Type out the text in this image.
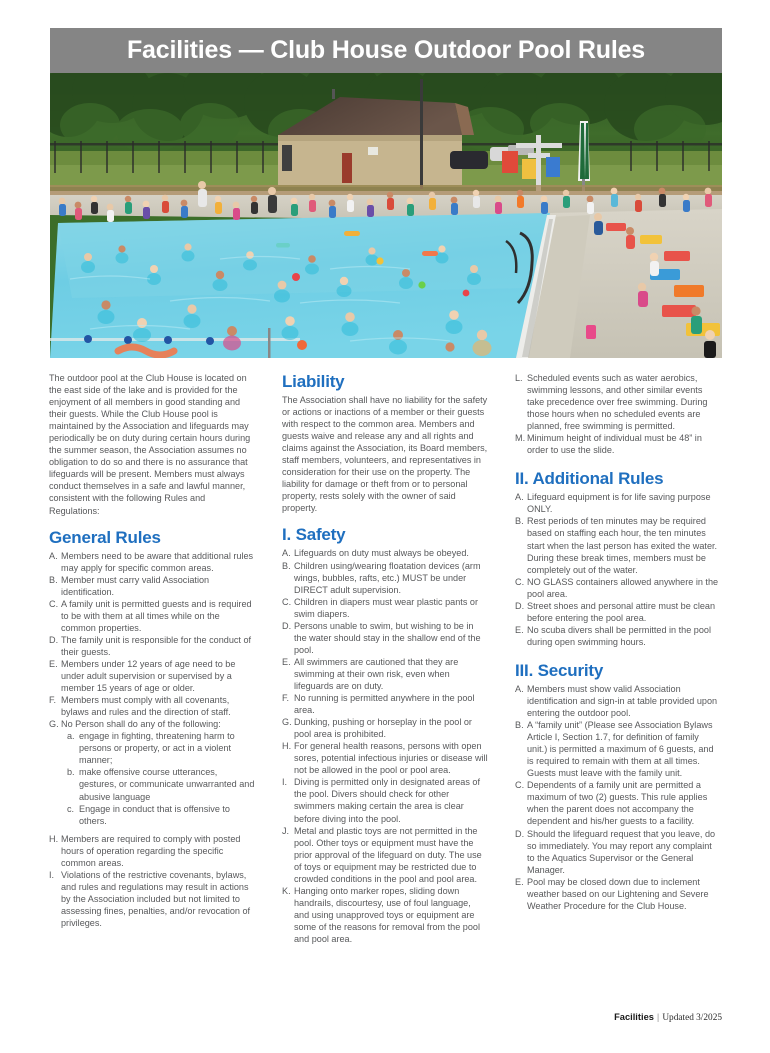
Facilities — Club House Outdoor Pool Rules

The outdoor pool at the Club House is located on the east side of the lake and is provided for the enjoyment of all members in good standing and their guests. While the Club House pool is maintained by the Association and lifeguards may periodically be on duty during certain hours during the summer season, the Association assumes no obligation to do so and there is no assurance that lifeguards will be present. Members must always conduct themselves in a safe and lawful manner, consistent with the following Rules and Regulations:

General Rules
A. Members need to be aware that additional rules may apply for specific common areas.
B. Member must carry valid Association identification.
C. A family unit is permitted guests and is required to be with them at all times while on the common properties.
D. The family unit is responsible for the conduct of their guests.
E. Members under 12 years of age need to be under adult supervision or supervised by a member 15 years of age or older.
F. Members must comply with all covenants, bylaws and rules and the direction of staff.
G. No Person shall do any of the following:
a. engage in fighting, threatening harm to persons or property, or act in a violent manner;
b. make offensive course utterances, gestures, or communicate unwarranted and abusive language
c. Engage in conduct that is offensive to others.
H. Members are required to comply with posted hours of operation regarding the specific common areas.
I. Violations of the restrictive covenants, bylaws, and rules and regulations may result in actions by the Association included but not limited to assessing fines, penalties, and/or revocation of privileges.
Liability

The Association shall have no liability for the safety or actions or inactions of a member or their guests with respect to the common area. Members and guests waive and release any and all rights and claims against the Association, its Board members, staff members, volunteers, and representatives in consideration for their use on the property. The liability for damage or theft from or to personal property, rests solely with the owner of said property.

I. Safety
A. Lifeguards on duty must always be obeyed.
B. Children using/wearing floatation devices (arm wings, bubbles, rafts, etc.) MUST be under DIRECT adult supervision.
C. Children in diapers must wear plastic pants or swim diapers.
D. Persons unable to swim, but wishing to be in the water should stay in the shallow end of the pool.
E. All swimmers are cautioned that they are swimming at their own risk, even when lifeguards are on duty.
F. No running is permitted anywhere in the pool area.
G. Dunking, pushing or horseplay in the pool or pool area is prohibited.
H. For general health reasons, persons with open sores, potential infectious injuries or disease will not be allowed in the pool or pool area.
I. Diving is permitted only in designated areas of the pool. Divers should check for other swimmers making certain the area is clear before diving into the pool.
J. Metal and plastic toys are not permitted in the pool. Other toys or equipment must have the prior approval of the lifeguard on duty. The use of toys or equipment may be restricted due to crowded conditions in the pool and pool area.
K. Hanging onto marker ropes, sliding down handrails, discourtesy, use of foul language, and using unapproved toys or equipment are some of the reasons for removal from the pool and pool area.
L. Scheduled events such as water aerobics, swimming lessons, and other similar events take precedence over free swimming. During those hours when no scheduled events are planned, free swimming is permitted.
M. Minimum height of individual must be 48” in order to use the slide.
II. Additional Rules
A. Lifeguard equipment is for life saving purpose ONLY.
B. Rest periods of ten minutes may be required based on staffing each hour, the ten minutes start when the last person has exited the water. During these break times, members must be completely out of the water.
C. NO GLASS containers allowed anywhere in the pool area.
D. Street shoes and personal attire must be clean before entering the pool area.
E. No scuba divers shall be permitted in the pool during open swimming hours.
III. Security
A. Members must show valid Association identification and sign-in at table provided upon entering the outdoor pool.
B. A “family unit” (Please see Association Bylaws Article I, Section 1.7, for definition of family unit.) is permitted a maximum of 6 guests, and is required to remain with them at all times. Guests must leave with the family unit.
C. Dependents of a family unit are permitted a maximum of two (2) guests. This rule applies when the parent does not accompany the dependent and his/her guests to a facility.
D. Should the lifeguard request that you leave, do so immediately. You may report any complaint to the Aquatics Supervisor or the General Manager.
E. Pool may be closed down due to inclement weather based on our Lightening and Severe Weather Procedure for the Club House.
Facilities | Updated 3/2025
